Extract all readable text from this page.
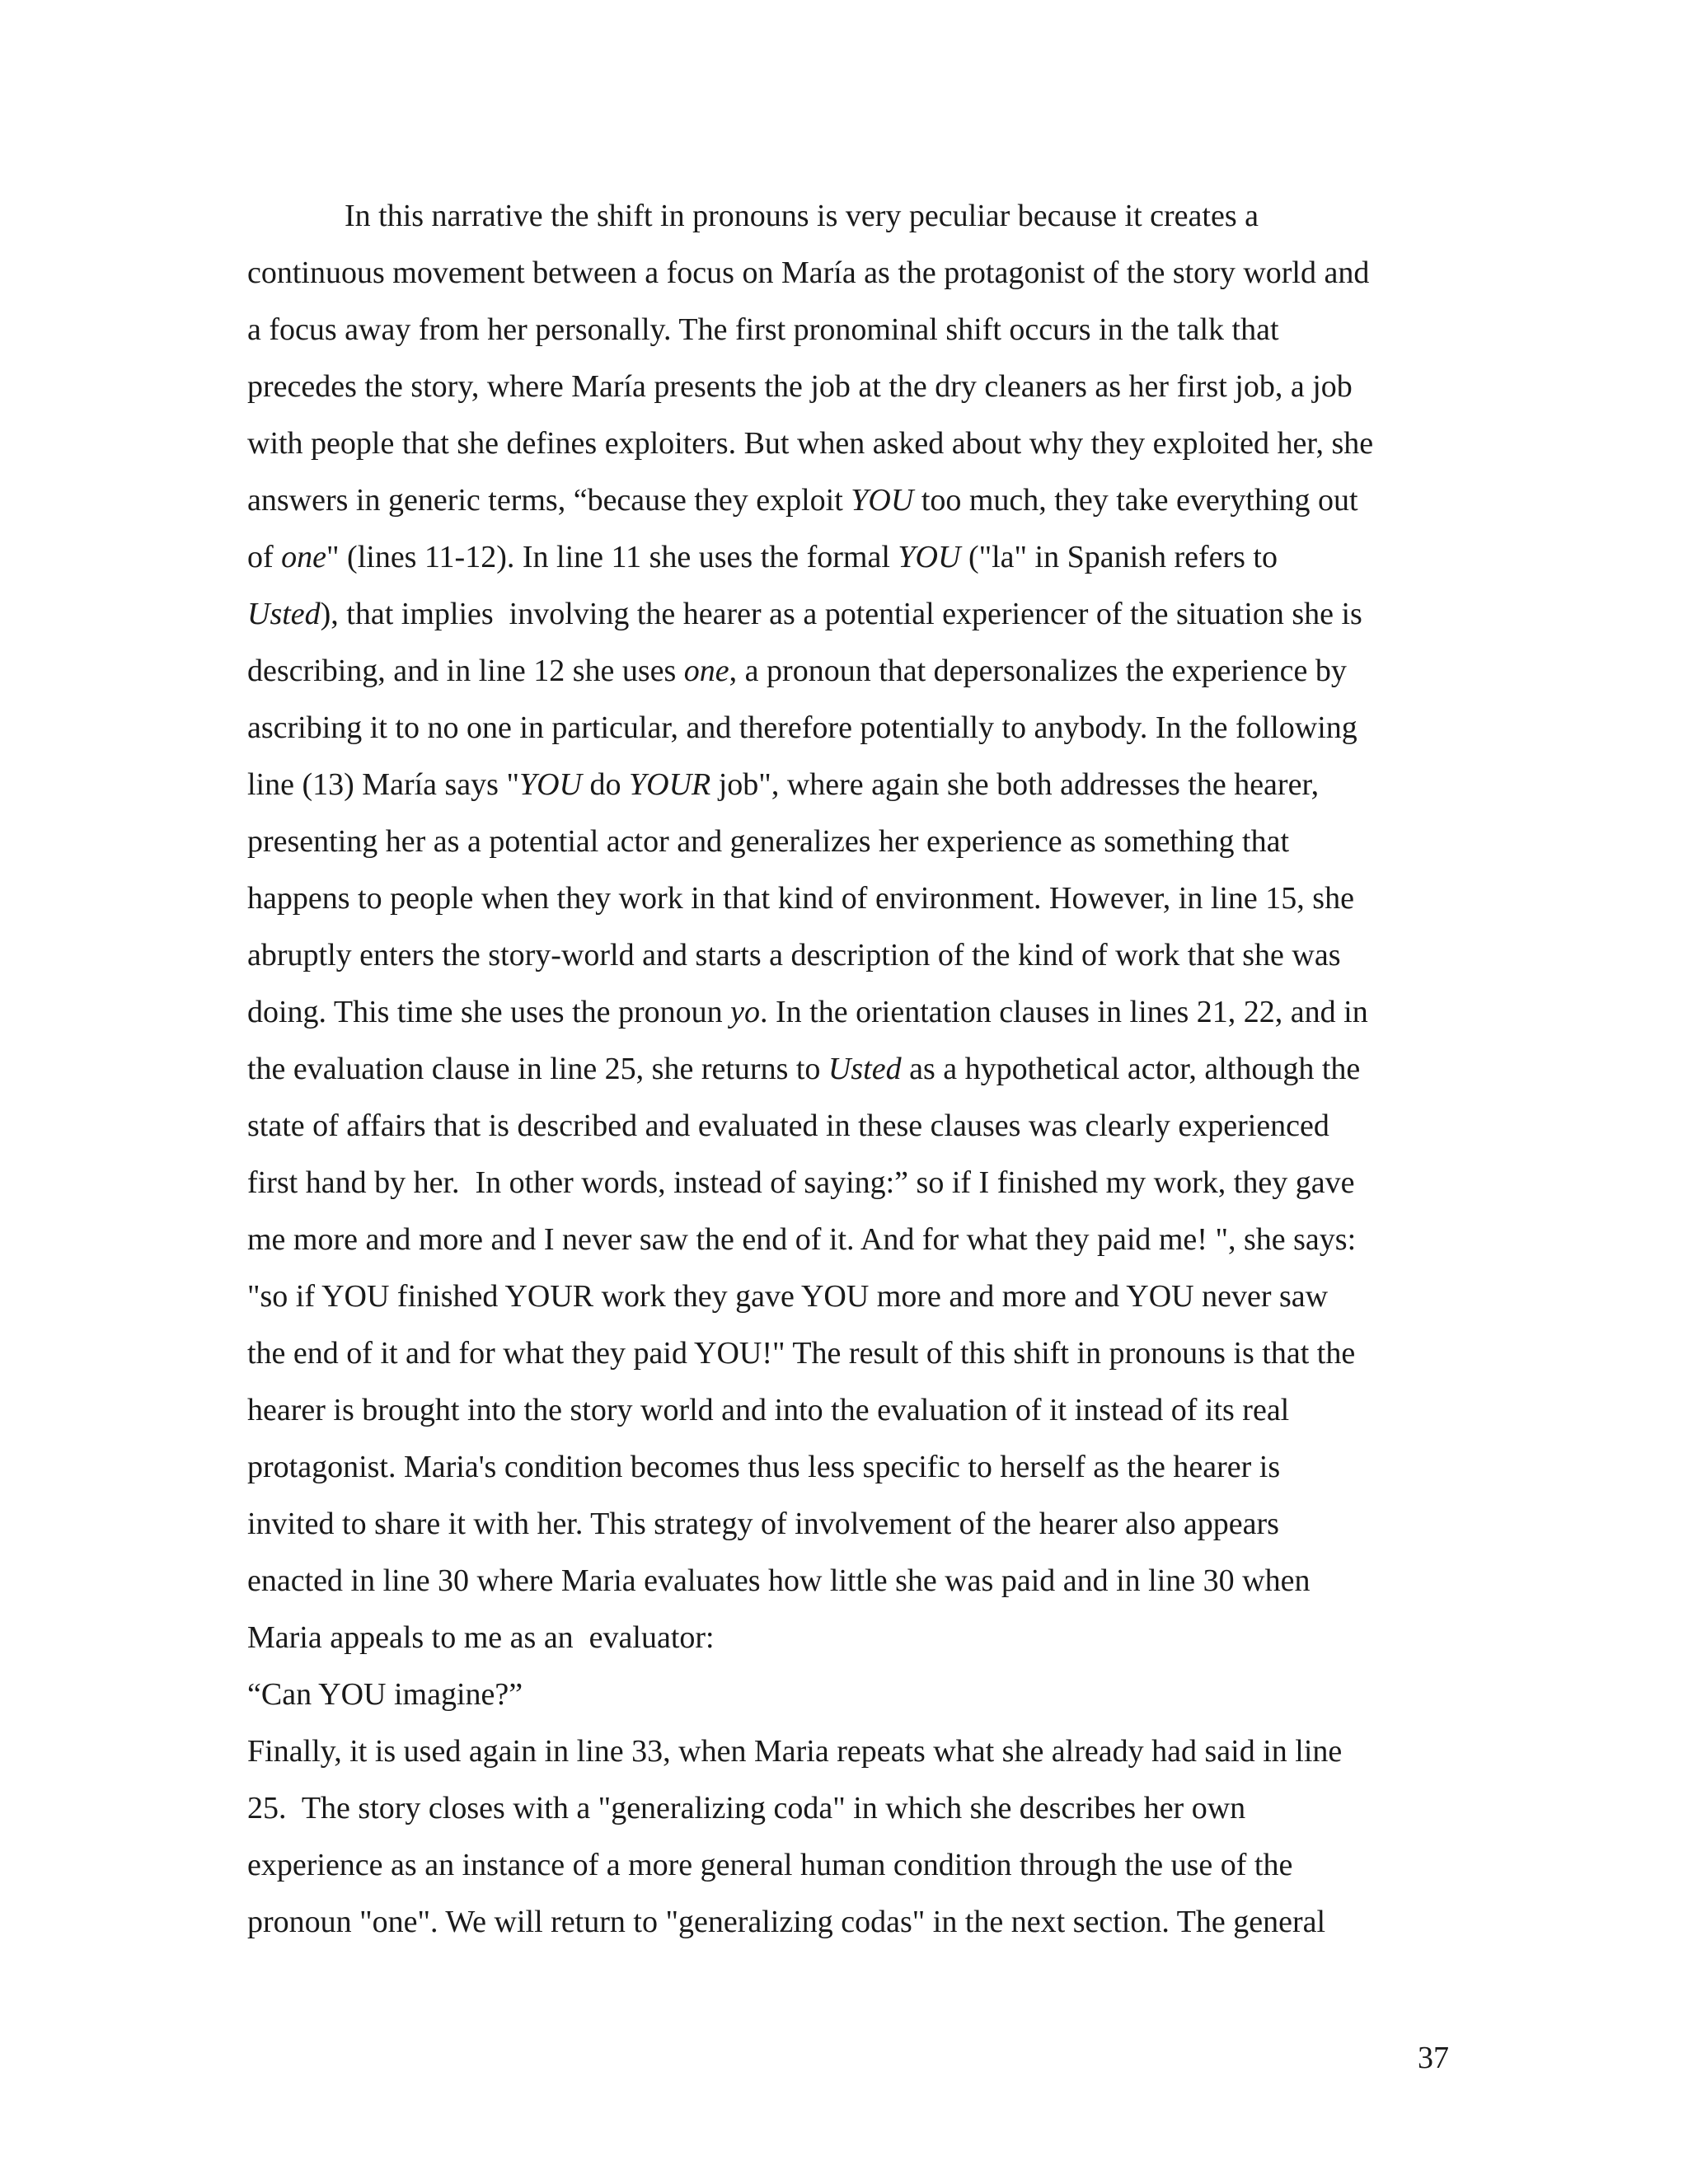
In this narrative the shift in pronouns is very peculiar because it creates a
continuous movement between a focus on María as the protagonist of the story world and
a focus away from her personally. The first pronominal shift occurs in the talk that
precedes the story, where María presents the job at the dry cleaners as her first job, a job
with people that she defines exploiters. But when asked about why they exploited her, she
answers in generic terms, “because they exploit YOU too much, they take everything out
of one" (lines 11-12). In line 11 she uses the formal YOU ("la" in Spanish refers to
Usted), that implies  involving the hearer as a potential experiencer of the situation she is
describing, and in line 12 she uses one, a pronoun that depersonalizes the experience by
ascribing it to no one in particular, and therefore potentially to anybody. In the following
line (13) María says "YOU do YOUR job", where again she both addresses the hearer,
presenting her as a potential actor and generalizes her experience as something that
happens to people when they work in that kind of environment. However, in line 15, she
abruptly enters the story-world and starts a description of the kind of work that she was
doing. This time she uses the pronoun yo. In the orientation clauses in lines 21, 22, and in
the evaluation clause in line 25, she returns to Usted as a hypothetical actor, although the
state of affairs that is described and evaluated in these clauses was clearly experienced
first hand by her.  In other words, instead of saying:” so if I finished my work, they gave
me more and more and I never saw the end of it. And for what they paid me! ", she says:
"so if YOU finished YOUR work they gave YOU more and more and YOU never saw
the end of it and for what they paid YOU!" The result of this shift in pronouns is that the
hearer is brought into the story world and into the evaluation of it instead of its real
protagonist. Maria's condition becomes thus less specific to herself as the hearer is
invited to share it with her. This strategy of involvement of the hearer also appears
enacted in line 30 where Maria evaluates how little she was paid and in line 30 when
Maria appeals to me as an  evaluator:
“Can YOU imagine?”
Finally, it is used again in line 33, when Maria repeats what she already had said in line
25.  The story closes with a "generalizing coda" in which she describes her own
experience as an instance of a more general human condition through the use of the
pronoun "one". We will return to "generalizing codas" in the next section. The general
37
